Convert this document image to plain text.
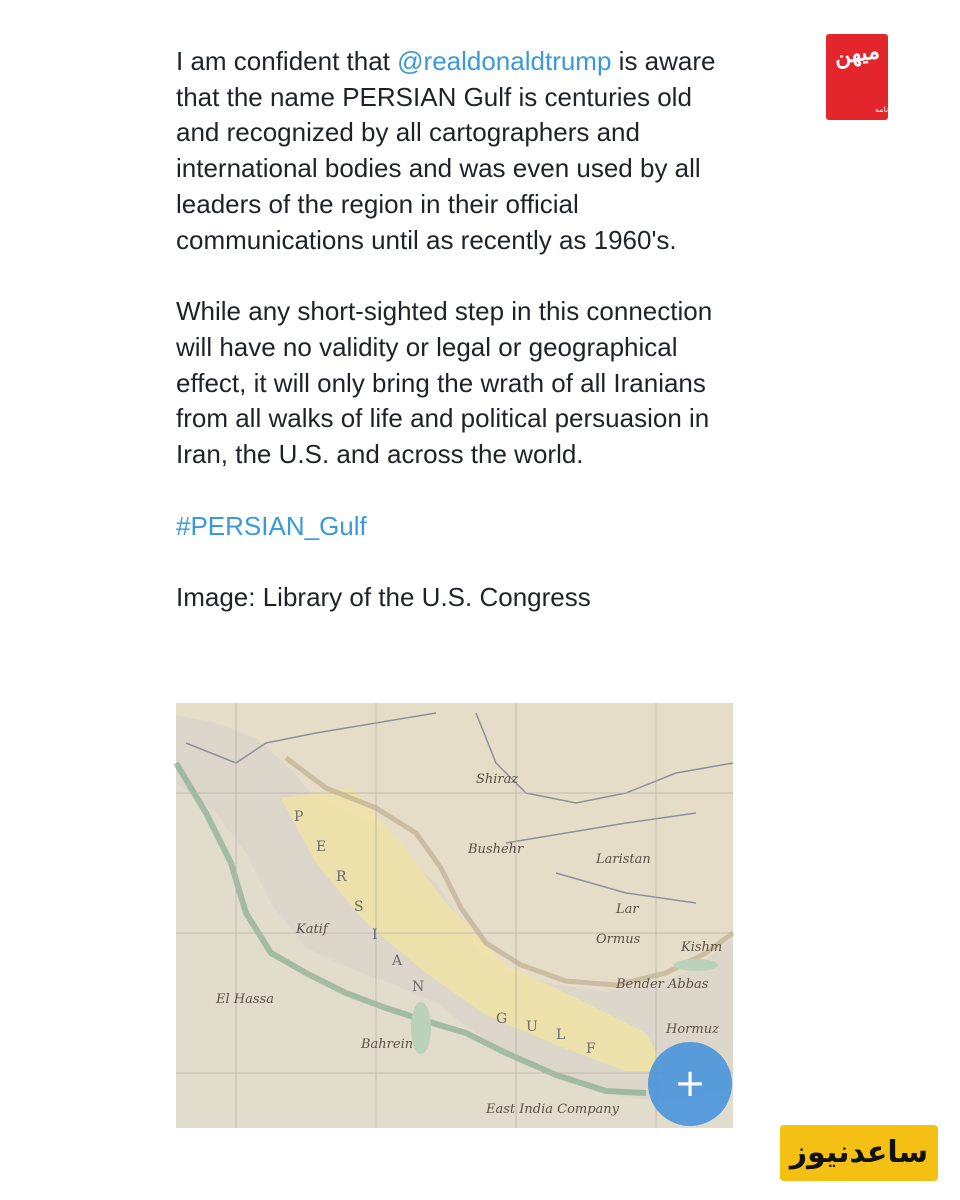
میهن
روزنامه

I am confident that @realdonaldtrump is aware that the name PERSIAN Gulf is centuries old and recognized by all cartographers and international bodies and was even used by all leaders of the region in their official communications until as recently as 1960's.

While any short-sighted step in this connection will have no validity or legal or geographical effect, it will only bring the wrath of all Iranians from all walks of life and political persuasion in Iran, the U.S. and across the world.

#PERSIAN_Gulf

Image: Library of the U.S. Congress

Bushehr
Shiraz
Ormus
Bahrein
Kishm
Bender Abbas
Laristan
Lar
Katif
El Hassa
East India Company
Hormuz
P
E
R
S
I
A
N
G U L
F
+
ساعدنیوز
